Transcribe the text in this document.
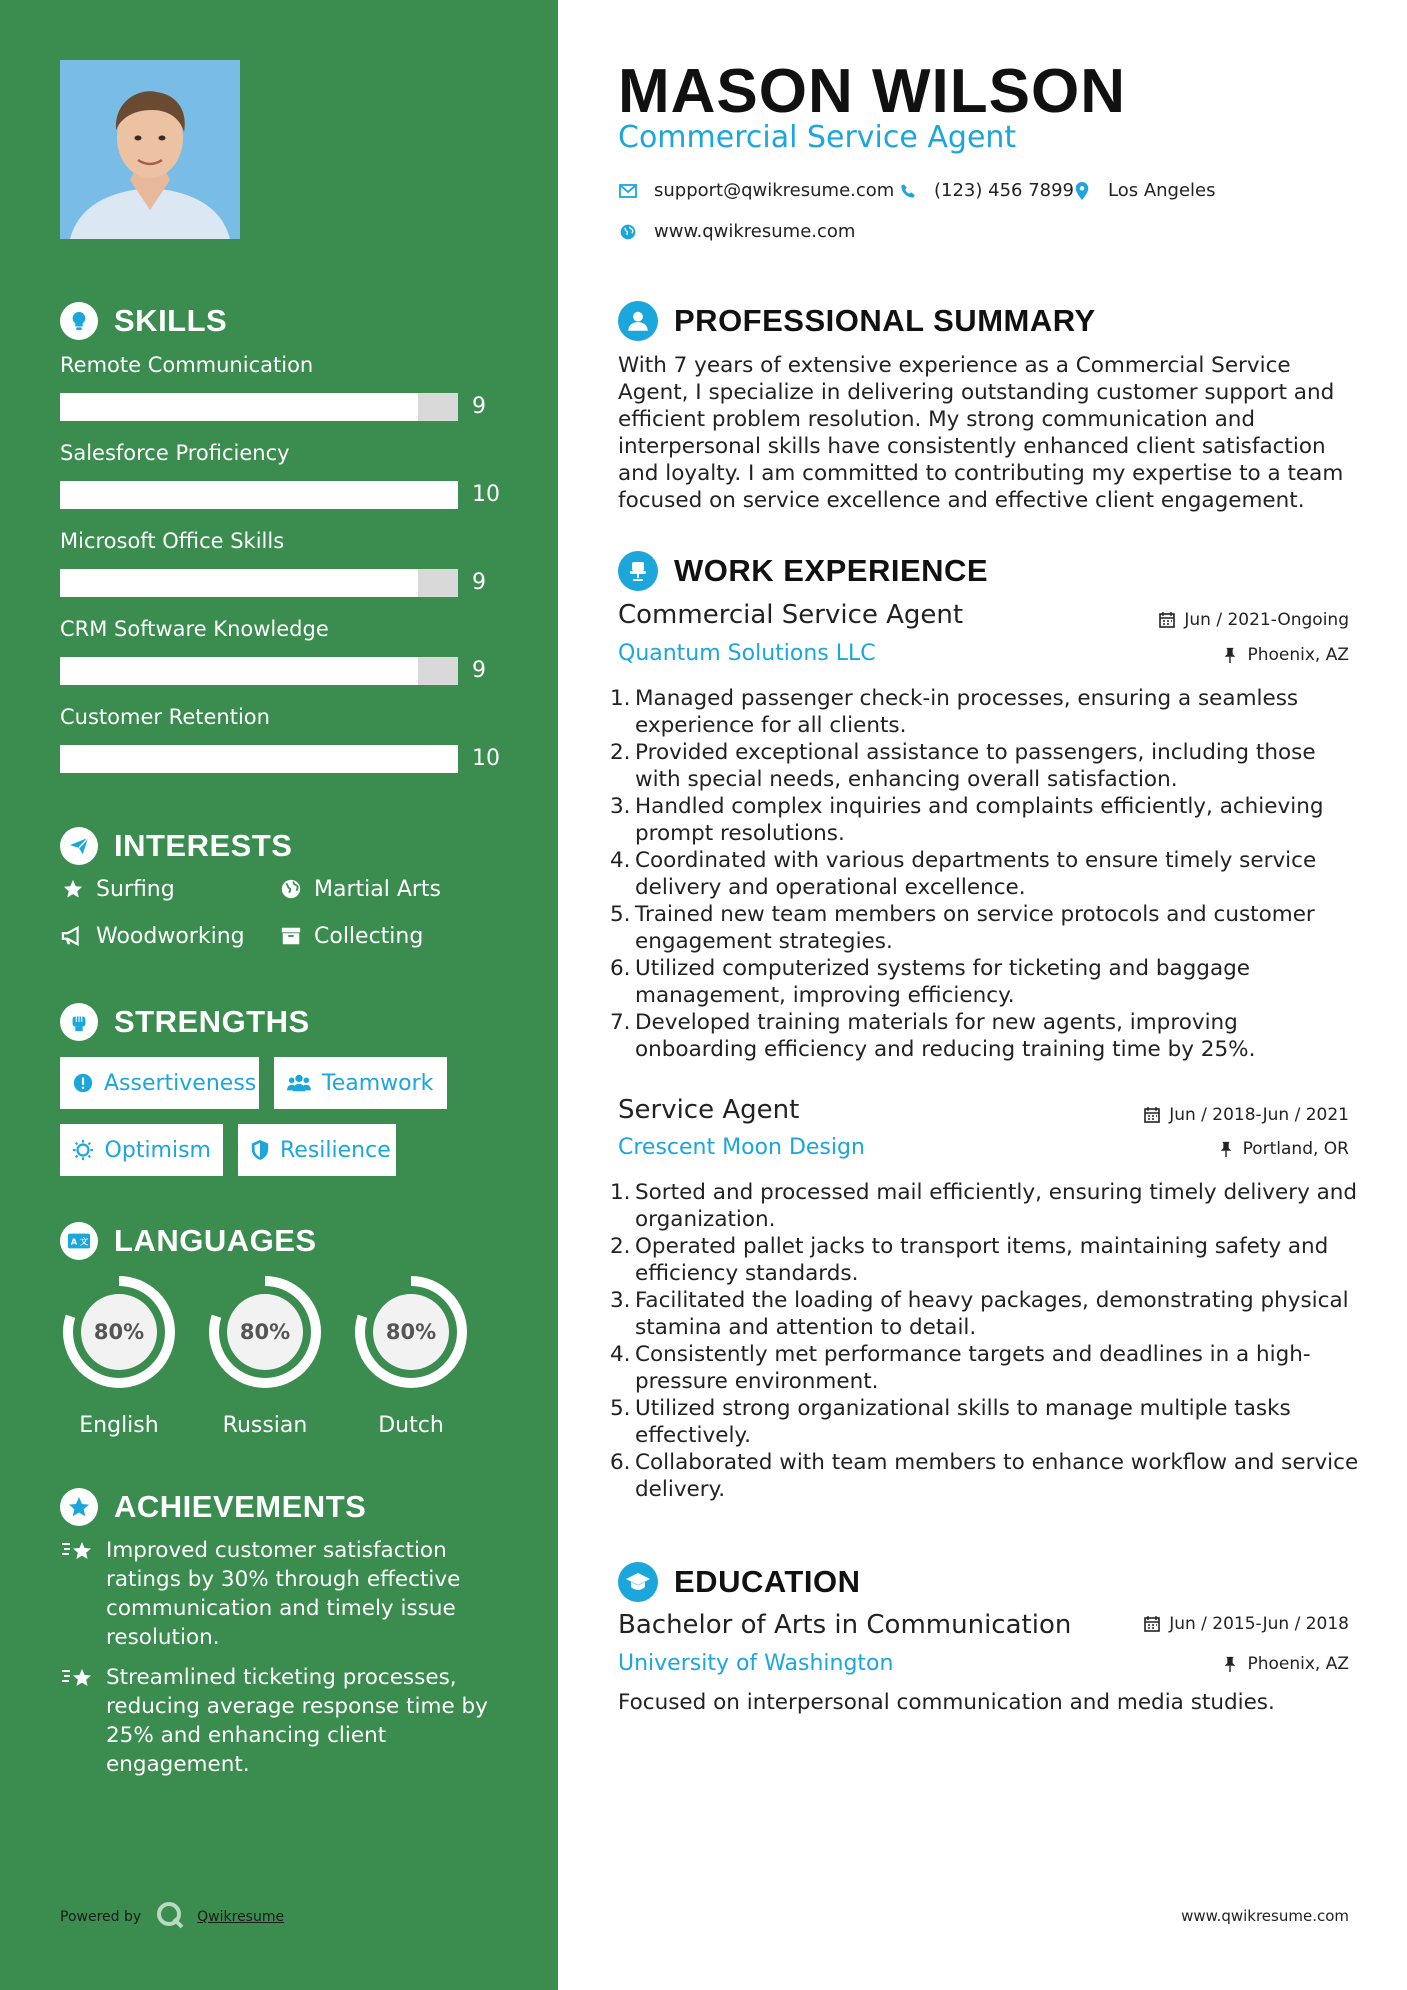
SKILLS
Remote Communication
9
Salesforce Proficiency
10
Microsoft Office Skills
9
CRM Software Knowledge
9
Customer Retention
10
INTERESTS
Surfing	Martial Arts
Woodworking	Collecting
STRENGTHS
Assertiveness	Teamwork
Optimism	Resilience
A 文 LANGUAGES
80%
English
80%
Russian
80%
Dutch
ACHIEVEMENTS
Improved customer satisfaction ratings by 30% through effective communication and timely issue resolution.
Streamlined ticketing processes, reducing average response time by 25% and enhancing client engagement.
Powered by	Qwikresume
MASON WILSON
Commercial Service Agent
support@qwikresume.com (123) 456 7899 Los Angeles
www.qwikresume.com
PROFESSIONAL SUMMARY
With 7 years of extensive experience as a Commercial Service Agent, I specialize in delivering outstanding customer support and efficient problem resolution. My strong communication and interpersonal skills have consistently enhanced client satisfaction and loyalty. I am committed to contributing my expertise to a team focused on service excellence and effective client engagement.
WORK EXPERIENCE
Commercial Service Agent	Jun / 2021-Ongoing
Quantum Solutions LLC	Phoenix, AZ
1. Managed passenger check-in processes, ensuring a seamless experience for all clients.
2. Provided exceptional assistance to passengers, including those with special needs, enhancing overall satisfaction.
3. Handled complex inquiries and complaints efficiently, achieving prompt resolutions.
4. Coordinated with various departments to ensure timely service delivery and operational excellence.
5. Trained new team members on service protocols and customer engagement strategies.
6. Utilized computerized systems for ticketing and baggage management, improving efficiency.
7. Developed training materials for new agents, improving onboarding efficiency and reducing training time by 25%.
Service Agent	Jun / 2018-Jun / 2021
Crescent Moon Design	Portland, OR
1. Sorted and processed mail efficiently, ensuring timely delivery and organization.
2. Operated pallet jacks to transport items, maintaining safety and efficiency standards.
3. Facilitated the loading of heavy packages, demonstrating physical stamina and attention to detail.
4. Consistently met performance targets and deadlines in a high-pressure environment.
5. Utilized strong organizational skills to manage multiple tasks effectively.
6. Collaborated with team members to enhance workflow and service delivery.
EDUCATION
Bachelor of Arts in Communication	Jun / 2015-Jun / 2018
University of Washington	Phoenix, AZ
Focused on interpersonal communication and media studies.
www.qwikresume.com
